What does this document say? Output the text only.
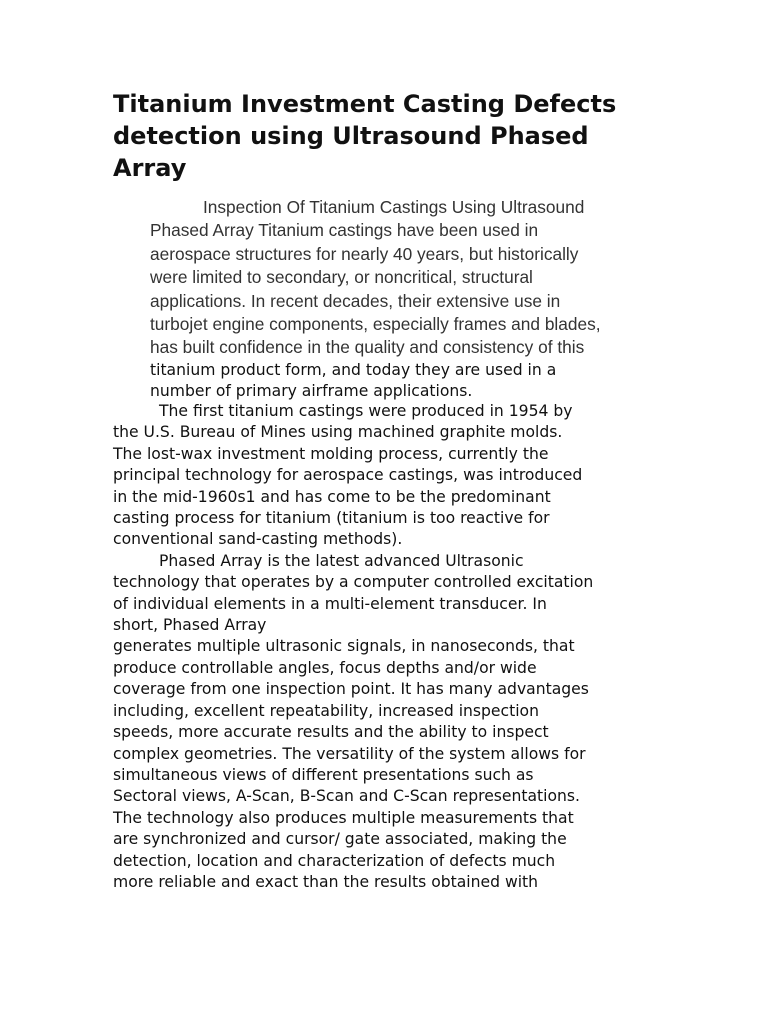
Titanium Investment Casting Defects
detection using Ultrasound Phased
Array
Inspection Of Titanium Castings Using Ultrasound
Phased Array Titanium castings have been used in
aerospace structures for nearly 40 years, but historically
were limited to secondary, or noncritical, structural
applications. In recent decades, their extensive use in
turbojet engine components, especially frames and blades,
has built confidence in the quality and consistency of this
titanium product form, and today they are used in a
number of primary airframe applications.
The first titanium castings were produced in 1954 by
the U.S. Bureau of Mines using machined graphite molds.
The lost-wax investment molding process, currently the
principal technology for aerospace castings, was introduced
in the mid-1960s1 and has come to be the predominant
casting process for titanium (titanium is too reactive for
conventional sand-casting methods).
Phased Array is the latest advanced Ultrasonic
technology that operates by a computer controlled excitation
of individual elements in a multi-element transducer. In
short, Phased Array
generates multiple ultrasonic signals, in nanoseconds, that
produce controllable angles, focus depths and/or wide
coverage from one inspection point. It has many advantages
including, excellent repeatability, increased inspection
speeds, more accurate results and the ability to inspect
complex geometries. The versatility of the system allows for
simultaneous views of different presentations such as
Sectoral views, A-Scan, B-Scan and C-Scan representations.
The technology also produces multiple measurements that
are synchronized and cursor/ gate associated, making the
detection, location and characterization of defects much
more reliable and exact than the results obtained with
